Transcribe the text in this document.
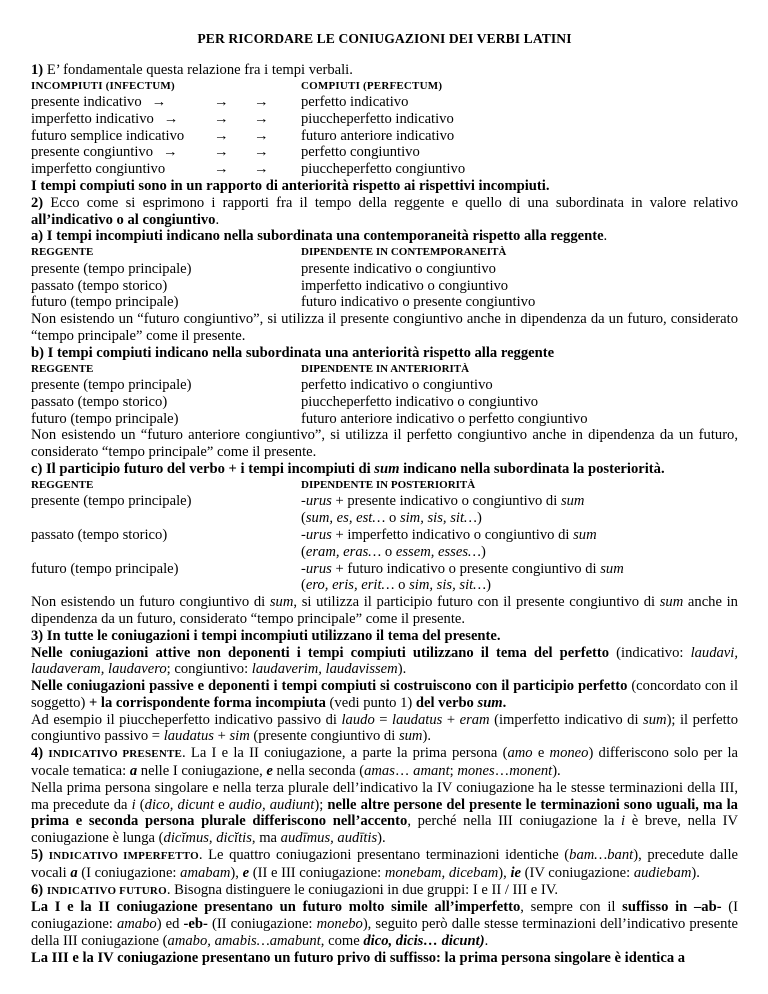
PER RICORDARE LE CONIUGAZIONI DEI VERBI LATINI

1) E’ fondamentale questa relazione fra i tempi verbali.

INCOMPIUTI (INFECTUM)	COMPIUTI (PERFECTUM)
presente indicativo →	→	→	perfetto indicativo
imperfetto indicativo →	→	→	piuccheperfetto indicativo
futuro semplice indicativo	→	→	futuro anteriore indicativo
presente congiuntivo →	→	→	perfetto congiuntivo
imperfetto congiuntivo	→	→	piuccheperfetto congiuntivo

I tempi compiuti sono in un rapporto di anteriorità rispetto ai rispettivi incompiuti.

2) Ecco come si esprimono i rapporti fra il tempo della reggente e quello di una subordinata in valore relativo all’indicativo o al congiuntivo.

a) I tempi incompiuti indicano nella subordinata una contemporaneità rispetto alla reggente.

REGGENTE	DIPENDENTE IN CONTEMPORANEITÀ
presente (tempo principale)	presente indicativo o congiuntivo
passato (tempo storico)	imperfetto indicativo o congiuntivo
futuro (tempo principale)	futuro indicativo o presente congiuntivo

Non esistendo un “futuro congiuntivo”, si utilizza il presente congiuntivo anche in dipendenza da un futuro, considerato “tempo principale” come il presente.

b) I tempi compiuti indicano nella subordinata una anteriorità rispetto alla reggente

REGGENTE	DIPENDENTE IN ANTERIORITÀ
presente (tempo principale)	perfetto indicativo o congiuntivo
passato (tempo storico)	piuccheperfetto indicativo o congiuntivo
futuro (tempo principale)	futuro anteriore indicativo o perfetto congiuntivo

Non esistendo un “futuro anteriore congiuntivo”, si utilizza il perfetto congiuntivo anche in dipendenza da un futuro, considerato “tempo principale” come il presente.

c) Il participio futuro del verbo + i tempi incompiuti di sum indicano nella subordinata la posteriorità.

REGGENTE	DIPENDENTE IN POSTERIORITÀ
presente (tempo principale)	-urus + presente indicativo o congiuntivo di sum
(sum, es, est… o sim, sis, sit…)
passato (tempo storico)	-urus + imperfetto indicativo o congiuntivo di sum
(eram, eras… o essem, esses…)
futuro (tempo principale)	-urus + futuro indicativo o presente congiuntivo di sum
(ero, eris, erit… o sim, sis, sit…)

Non esistendo un futuro congiuntivo di sum, si utilizza il participio futuro con il presente congiuntivo di sum anche in dipendenza da un futuro, considerato “tempo principale” come il presente.

3) In tutte le coniugazioni i tempi incompiuti utilizzano il tema del presente.

Nelle coniugazioni attive non deponenti i tempi compiuti utilizzano il tema del perfetto (indicativo: laudavi, laudaveram, laudavero; congiuntivo: laudaverim, laudavissem).

Nelle coniugazioni passive e deponenti i tempi compiuti si costruiscono con il participio perfetto (concordato con il soggetto) + la corrispondente forma incompiuta (vedi punto 1) del verbo sum.

Ad esempio il piuccheperfetto indicativo passivo di laudo = laudatus + eram (imperfetto indicativo di sum); il perfetto congiuntivo passivo = laudatus + sim (presente congiuntivo di sum).

4) INDICATIVO PRESENTE. La I e la II coniugazione, a parte la prima persona (amo e moneo) differiscono solo per la vocale tematica: a nelle I coniugazione, e nella seconda (amas… amant; mones…monent).

Nella prima persona singolare e nella terza plurale dell’indicativo la IV coniugazione ha le stesse terminazioni della III, ma precedute da i (dico, dicunt e audio, audiunt); nelle altre persone del presente le terminazioni sono uguali, ma la prima e seconda persona plurale differiscono nell’accento, perché nella III coniugazione la i è breve, nella IV coniugazione è lunga (dicĭmus, dicĭtis, ma audīmus, audītis).

5) INDICATIVO IMPERFETTO. Le quattro coniugazioni presentano terminazioni identiche (bam…bant), precedute dalle vocali a (I coniugazione: amabam), e (II e III coniugazione: monebam, dicebam), ie (IV coniugazione: audiebam).

6) INDICATIVO FUTURO. Bisogna distinguere le coniugazioni in due gruppi: I e II / III e IV.

La I e la II coniugazione presentano un futuro molto simile all’imperfetto, sempre con il suffisso in –ab- (I coniugazione: amabo) ed -eb- (II coniugazione: monebo), seguito però dalle stesse terminazioni dell’indicativo presente della III coniugazione (amabo, amabis…amabunt, come dico, dicis… dicunt).

La III e la IV coniugazione presentano un futuro privo di suffisso: la prima persona singolare è identica a
